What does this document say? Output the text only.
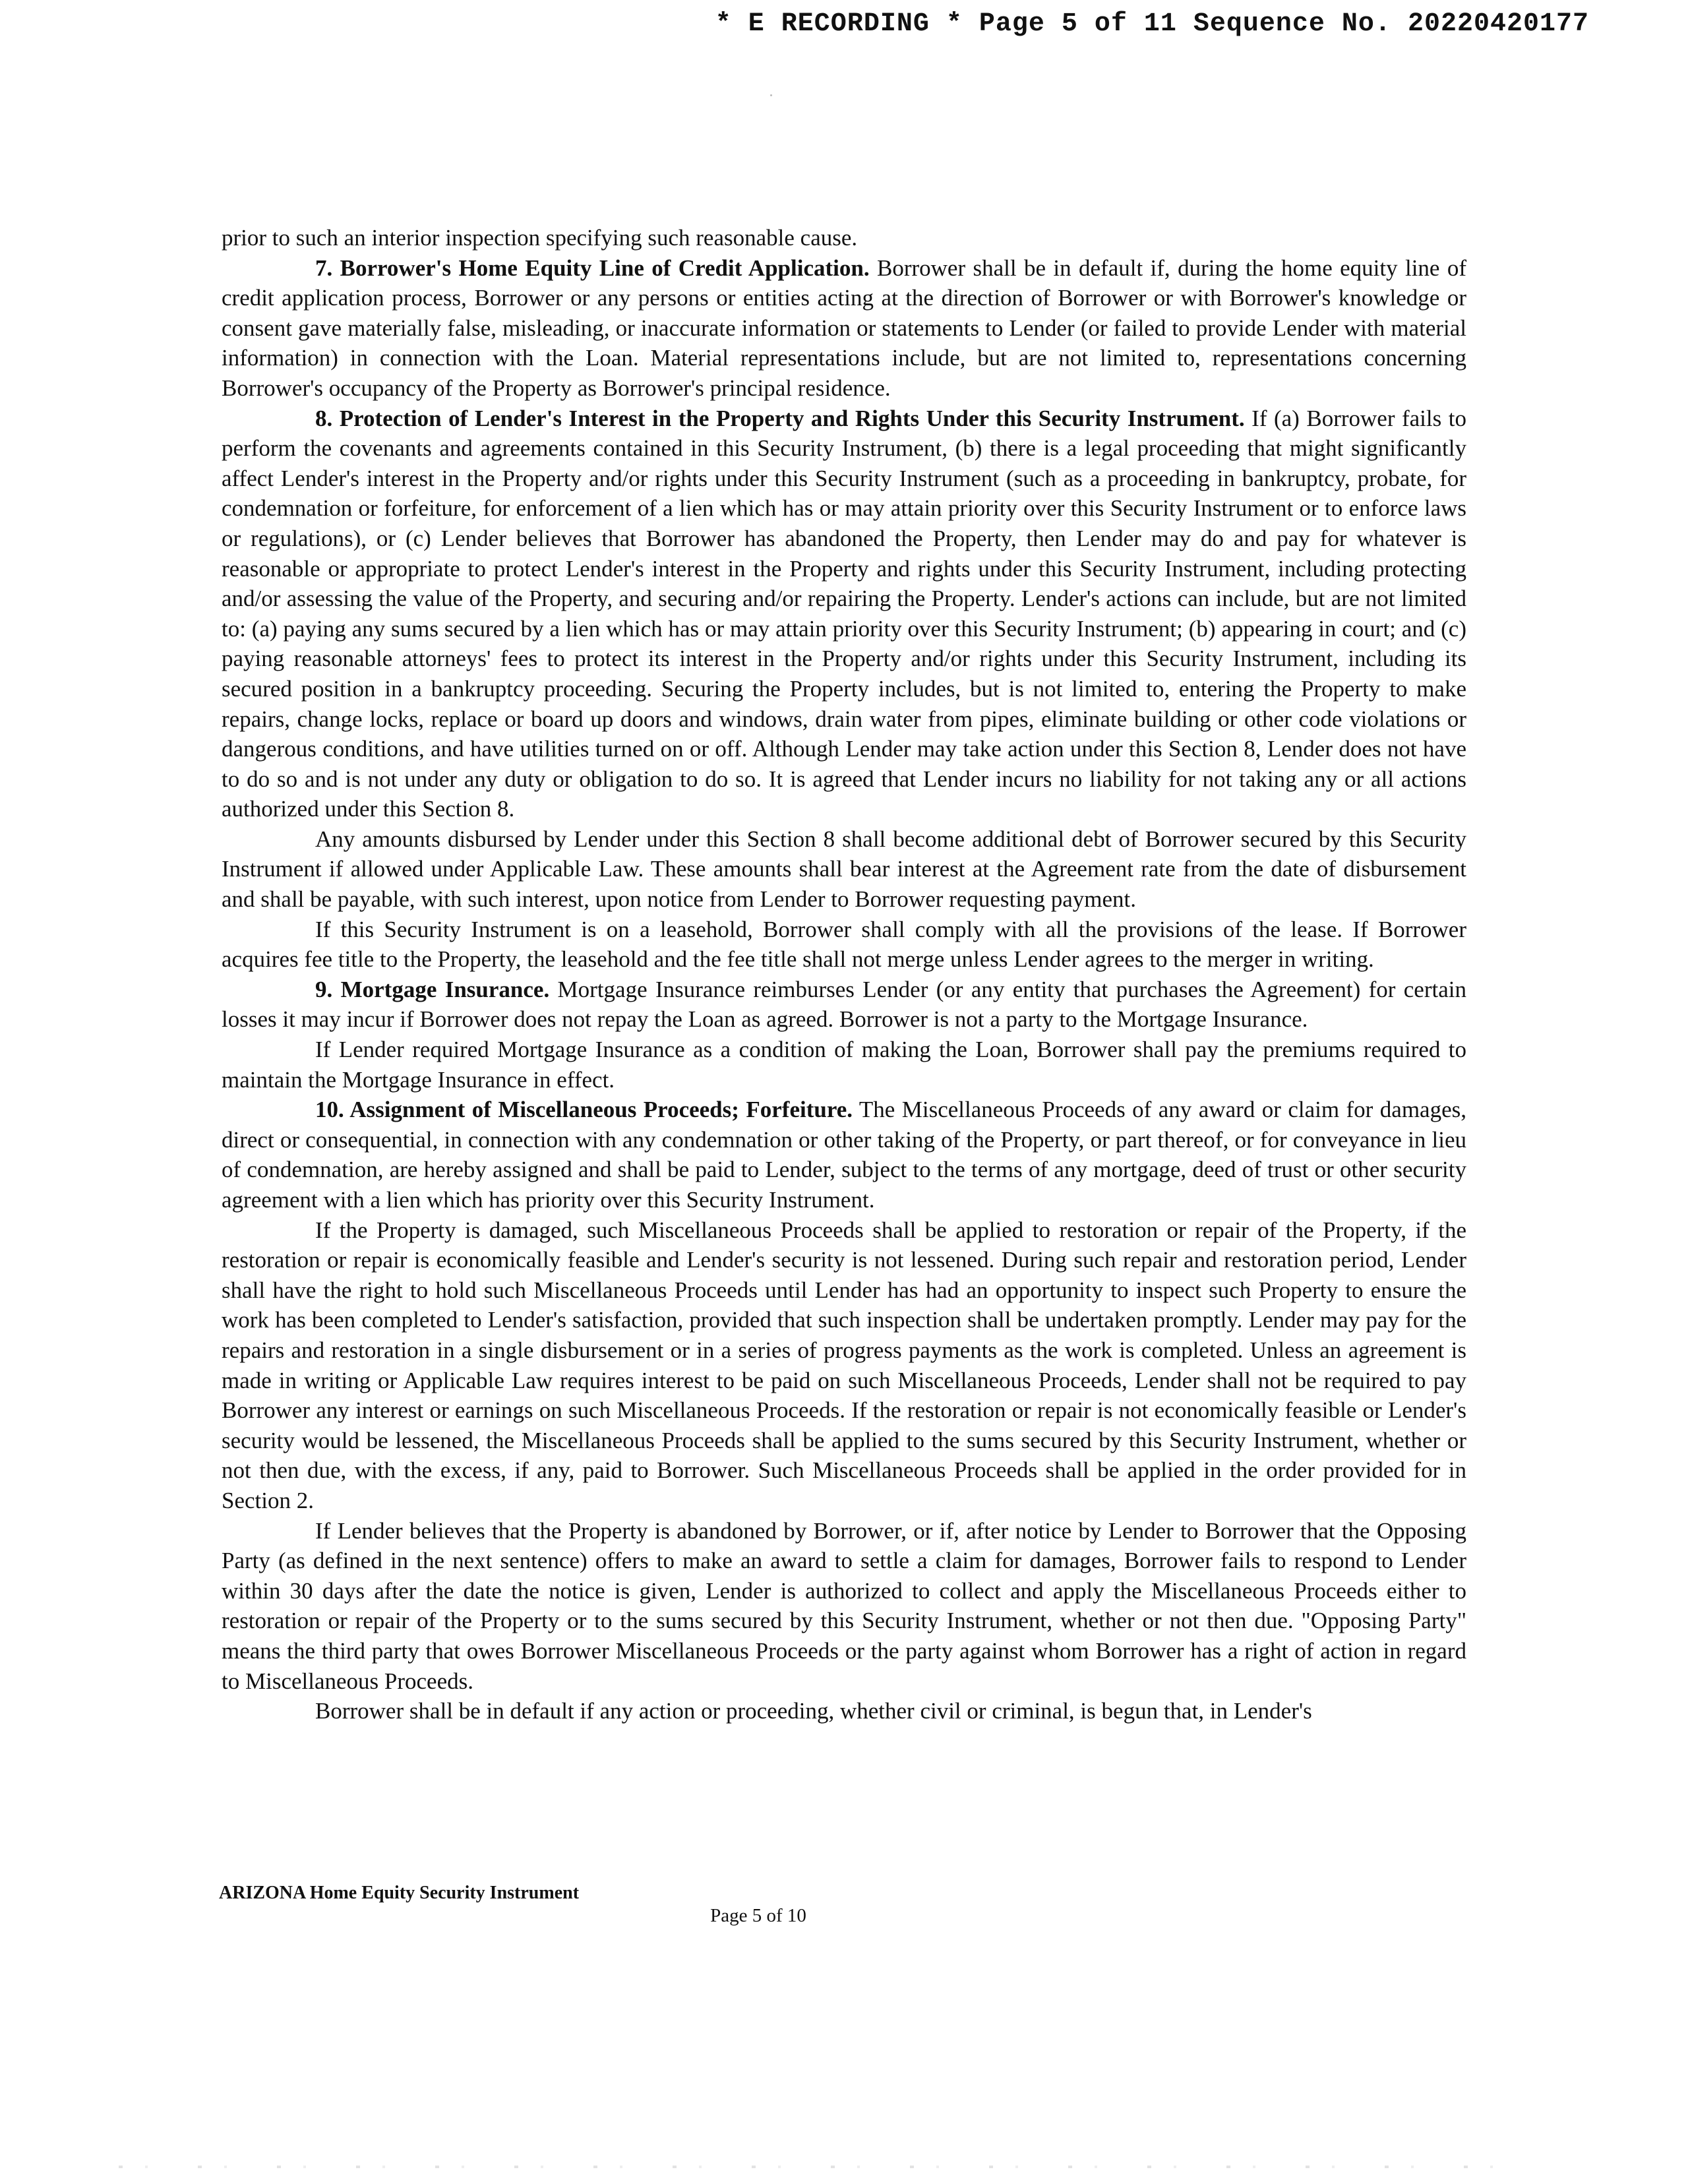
* E RECORDING * Page 5 of 11 Sequence No. 20220420177

prior to such an interior inspection specifying such reasonable cause.

7. Borrower's Home Equity Line of Credit Application. Borrower shall be in default if, during the home equity line of credit application process, Borrower or any persons or entities acting at the direction of Borrower or with Borrower's knowledge or consent gave materially false, misleading, or inaccurate information or statements to Lender (or failed to provide Lender with material information) in connection with the Loan. Material representations include, but are not limited to, representations concerning Borrower's occupancy of the Property as Borrower's principal residence.

8. Protection of Lender's Interest in the Property and Rights Under this Security Instrument. If (a) Borrower fails to perform the covenants and agreements contained in this Security Instrument, (b) there is a legal proceeding that might significantly affect Lender's interest in the Property and/or rights under this Security Instrument (such as a proceeding in bankruptcy, probate, for condemnation or forfeiture, for enforcement of a lien which has or may attain priority over this Security Instrument or to enforce laws or regulations), or (c) Lender believes that Borrower has abandoned the Property, then Lender may do and pay for whatever is reasonable or appropriate to protect Lender's interest in the Property and rights under this Security Instrument, including protecting and/or assessing the value of the Property, and securing and/or repairing the Property. Lender's actions can include, but are not limited to: (a) paying any sums secured by a lien which has or may attain priority over this Security Instrument; (b) appearing in court; and (c) paying reasonable attorneys' fees to protect its interest in the Property and/or rights under this Security Instrument, including its secured position in a bankruptcy proceeding. Securing the Property includes, but is not limited to, entering the Property to make repairs, change locks, replace or board up doors and windows, drain water from pipes, eliminate building or other code violations or dangerous conditions, and have utilities turned on or off. Although Lender may take action under this Section 8, Lender does not have to do so and is not under any duty or obligation to do so. It is agreed that Lender incurs no liability for not taking any or all actions authorized under this Section 8.

Any amounts disbursed by Lender under this Section 8 shall become additional debt of Borrower secured by this Security Instrument if allowed under Applicable Law. These amounts shall bear interest at the Agreement rate from the date of disbursement and shall be payable, with such interest, upon notice from Lender to Borrower requesting payment.

If this Security Instrument is on a leasehold, Borrower shall comply with all the provisions of the lease. If Borrower acquires fee title to the Property, the leasehold and the fee title shall not merge unless Lender agrees to the merger in writing.

9. Mortgage Insurance. Mortgage Insurance reimburses Lender (or any entity that purchases the Agreement) for certain losses it may incur if Borrower does not repay the Loan as agreed. Borrower is not a party to the Mortgage Insurance.

If Lender required Mortgage Insurance as a condition of making the Loan, Borrower shall pay the premiums required to maintain the Mortgage Insurance in effect.

10. Assignment of Miscellaneous Proceeds; Forfeiture. The Miscellaneous Proceeds of any award or claim for damages, direct or consequential, in connection with any condemnation or other taking of the Property, or part thereof, or for conveyance in lieu of condemnation, are hereby assigned and shall be paid to Lender, subject to the terms of any mortgage, deed of trust or other security agreement with a lien which has priority over this Security Instrument.

If the Property is damaged, such Miscellaneous Proceeds shall be applied to restoration or repair of the Property, if the restoration or repair is economically feasible and Lender's security is not lessened. During such repair and restoration period, Lender shall have the right to hold such Miscellaneous Proceeds until Lender has had an opportunity to inspect such Property to ensure the work has been completed to Lender's satisfaction, provided that such inspection shall be undertaken promptly. Lender may pay for the repairs and restoration in a single disbursement or in a series of progress payments as the work is completed. Unless an agreement is made in writing or Applicable Law requires interest to be paid on such Miscellaneous Proceeds, Lender shall not be required to pay Borrower any interest or earnings on such Miscellaneous Proceeds. If the restoration or repair is not economically feasible or Lender's security would be lessened, the Miscellaneous Proceeds shall be applied to the sums secured by this Security Instrument, whether or not then due, with the excess, if any, paid to Borrower. Such Miscellaneous Proceeds shall be applied in the order provided for in Section 2.

If Lender believes that the Property is abandoned by Borrower, or if, after notice by Lender to Borrower that the Opposing Party (as defined in the next sentence) offers to make an award to settle a claim for damages, Borrower fails to respond to Lender within 30 days after the date the notice is given, Lender is authorized to collect and apply the Miscellaneous Proceeds either to restoration or repair of the Property or to the sums secured by this Security Instrument, whether or not then due. "Opposing Party" means the third party that owes Borrower Miscellaneous Proceeds or the party against whom Borrower has a right of action in regard to Miscellaneous Proceeds.

Borrower shall be in default if any action or proceeding, whether civil or criminal, is begun that, in Lender's

ARIZONA Home Equity Security Instrument
Page 5 of 10
